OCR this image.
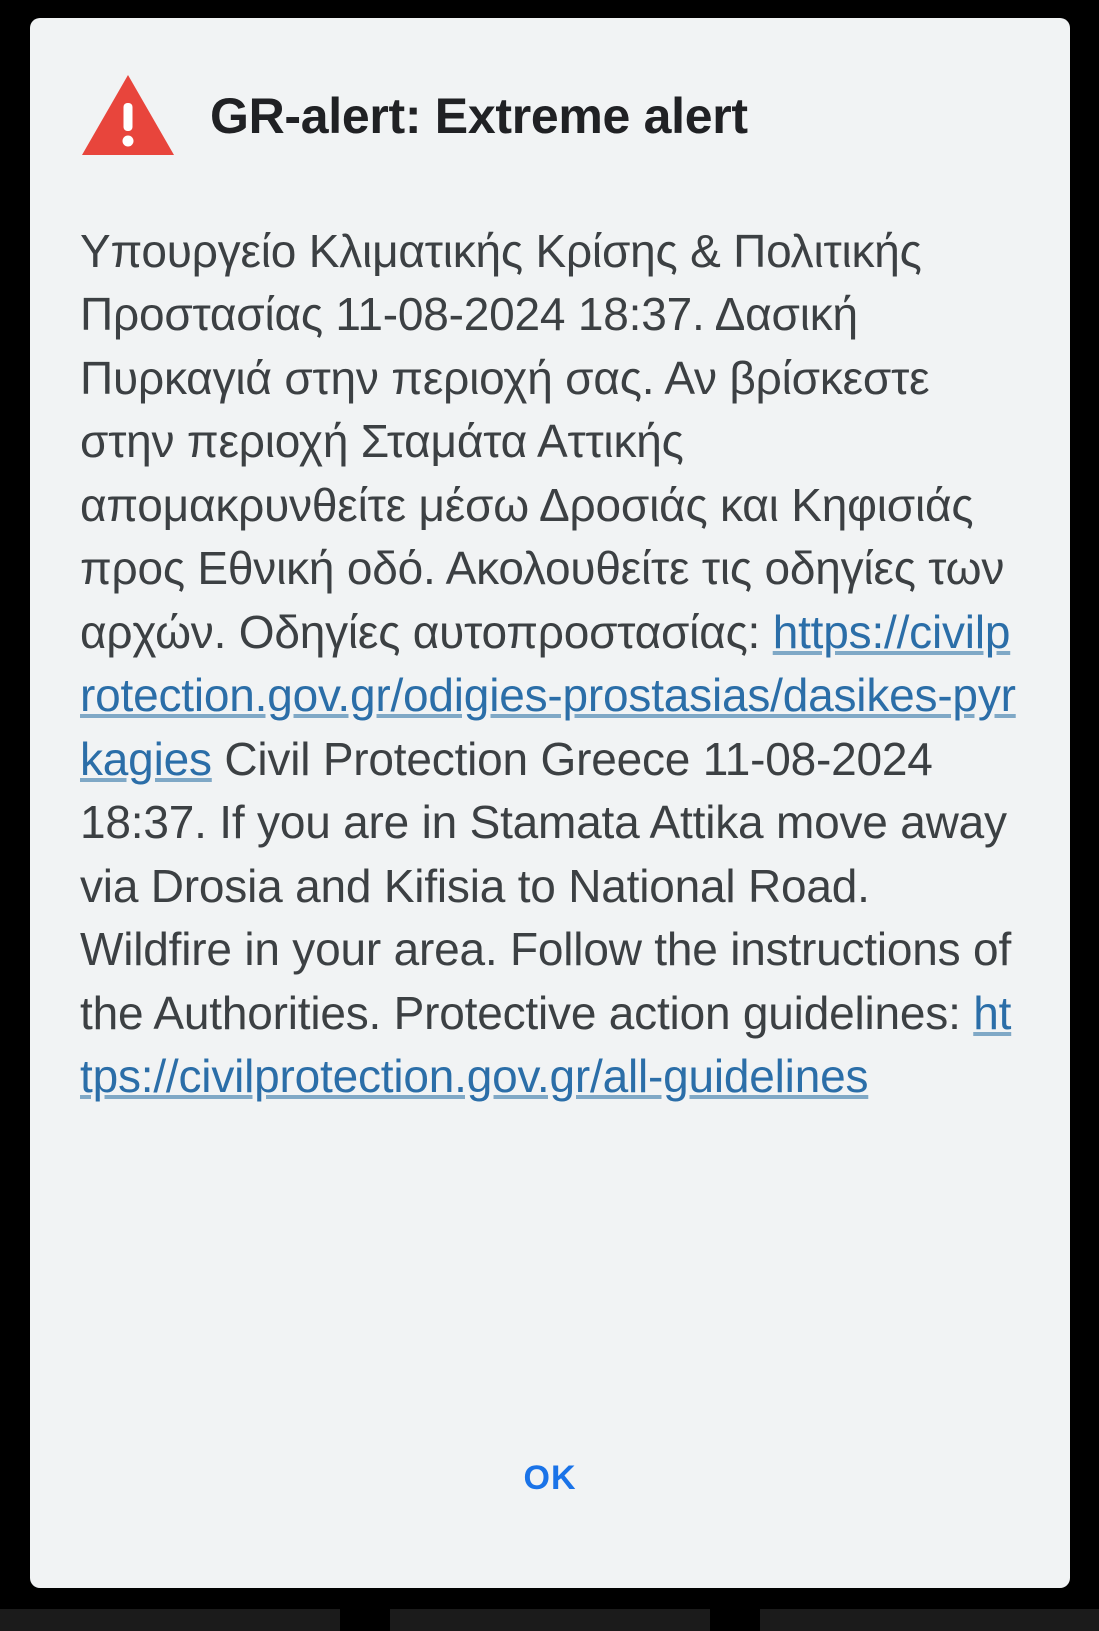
GR-alert: Extreme alert
Υπουργείο Κλιματικής Κρίσης & Πολιτικής Προστασίας 11-08-2024 18:37. Δασική Πυρκαγιά στην περιοχή σας. Αν βρίσκεστε στην περιοχή Σταμάτα Αττικής απομακρυνθείτε μέσω Δροσιάς και Κηφισιάς προς Εθνική οδό. Ακολουθείτε τις οδηγίες των αρχών. Οδηγίες αυτοπροστασίας: https://civilprotection.gov.gr/odigies-prostasias/dasikes-pyrkagies Civil Protection Greece 11-08-2024 18:37. If you are in Stamata Attika move away via Drosia and Kifisia to National Road. Wildfire in your area. Follow the instructions of the Authorities. Protective action guidelines: https://civilprotection.gov.gr/all-guidelines
OK
